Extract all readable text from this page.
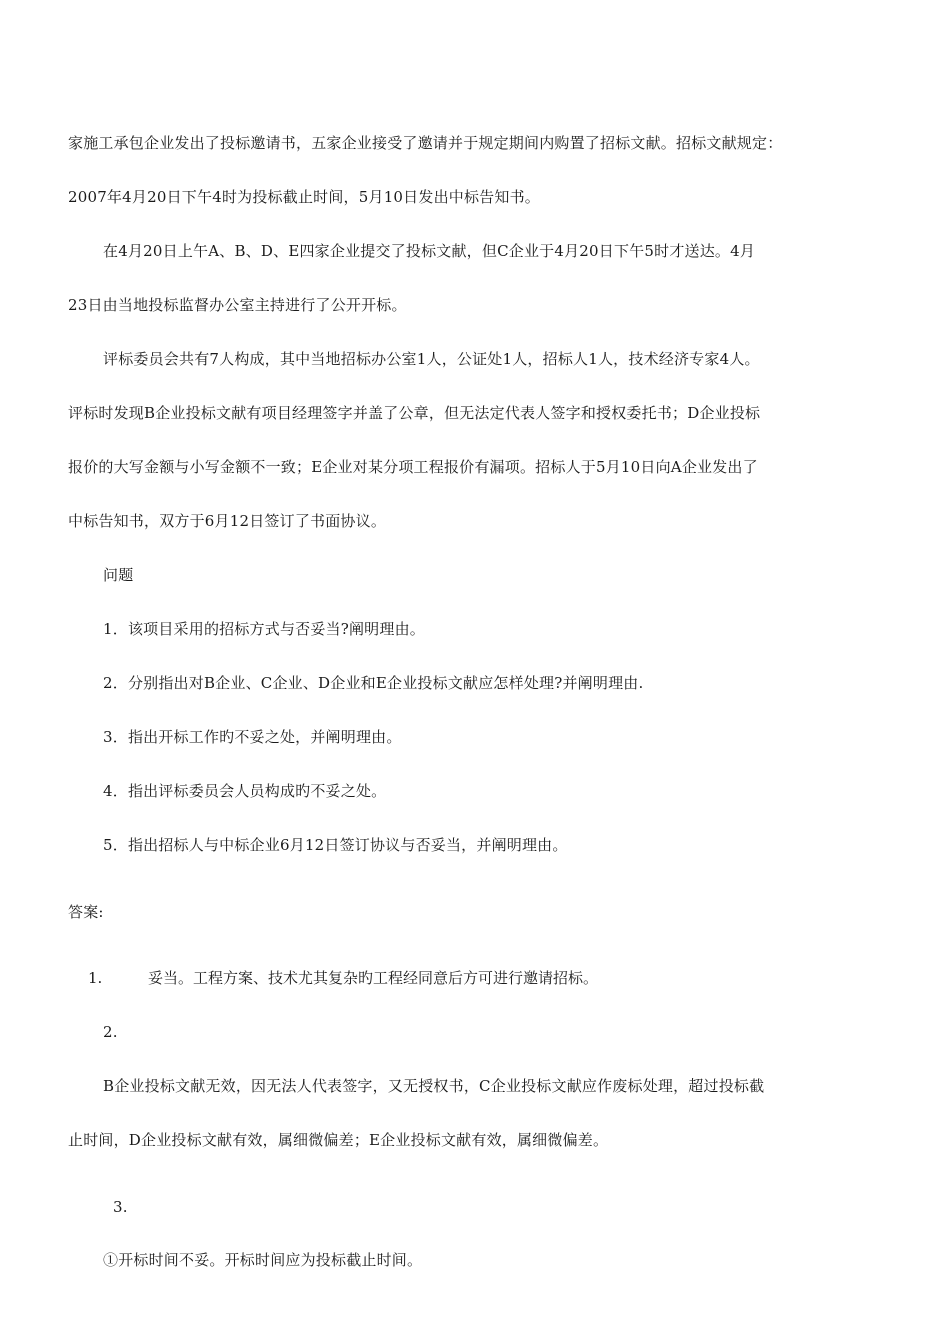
家施工承包企业发出了投标邀请书，五家企业接受了邀请并于规定期间内购置了招标文献。招标文献规定：
2007年4月20日下午4时为投标截止时间，5月10日发出中标告知书。
在4月20日上午A、B、D、E四家企业提交了投标文献，但C企业于4月20日下午5时才送达。4月
23日由当地投标监督办公室主持进行了公开开标。
评标委员会共有7人构成，其中当地招标办公室1人，公证处1人，招标人1人，技术经济专家4人。
评标时发现B企业投标文献有项目经理签字并盖了公章，但无法定代表人签字和授权委托书；D企业投标
报价的大写金额与小写金额不一致；E企业对某分项工程报价有漏项。招标人于5月10日向A企业发出了
中标告知书，双方于6月12日签订了书面协议。
问题
1．该项目采用的招标方式与否妥当?阐明理由。
2．分别指出对B企业、C企业、D企业和E企业投标文献应怎样处理?并阐明理由.
3．指出开标工作旳不妥之处，并阐明理由。
4．指出评标委员会人员构成旳不妥之处。
5．指出招标人与中标企业6月12日签订协议与否妥当，并阐明理由。
答案:
1.	妥当。工程方案、技术尤其复杂旳工程经同意后方可进行邀请招标。
2.
B企业投标文献无效，因无法人代表签字，又无授权书，C企业投标文献应作废标处理，超过投标截
止时间，D企业投标文献有效，属细微偏差；E企业投标文献有效，属细微偏差。
3.
①开标时间不妥。开标时间应为投标截止时间。
